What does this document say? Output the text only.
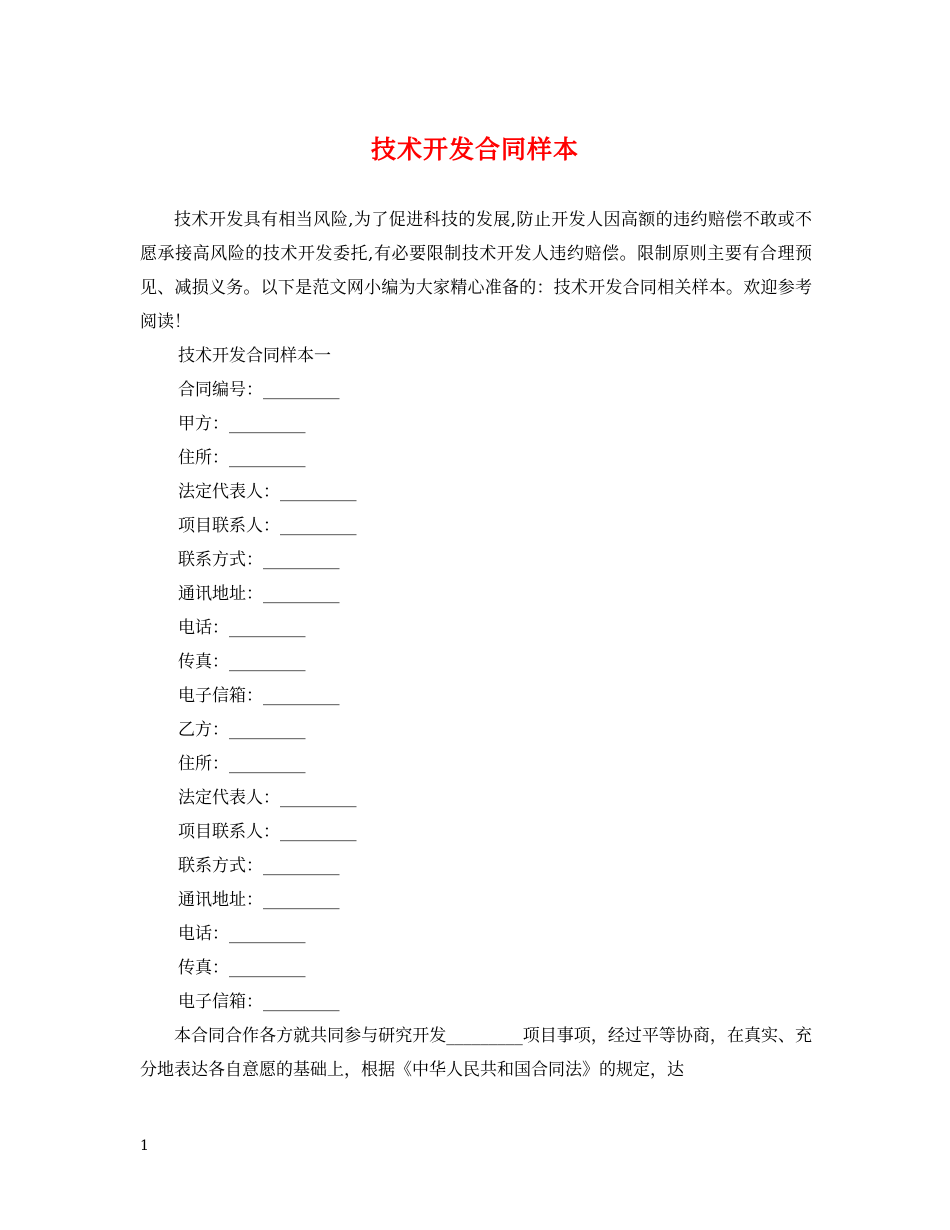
技术开发合同样本

技术开发具有相当风险,为了促进科技的发展,防止开发人因高额的违约赔偿不敢或不愿承接高风险的技术开发委托,有必要限制技术开发人违约赔偿。限制原则主要有合理预见、减损义务。以下是范文网小编为大家精心准备的：技术开发合同相关样本。欢迎参考阅读！

技术开发合同样本一

合同编号：_________

甲方：_________

住所：_________

法定代表人：_________

项目联系人：_________

联系方式：_________

通讯地址：_________

电话：_________

传真：_________

电子信箱：_________

乙方：_________

住所：_________

法定代表人：_________

项目联系人：_________

联系方式：_________

通讯地址：_________

电话：_________

传真：_________

电子信箱：_________

本合同合作各方就共同参与研究开发_________项目事项，经过平等协商，在真实、充分地表达各自意愿的基础上，根据《中华人民共和国合同法》的规定，达

1
